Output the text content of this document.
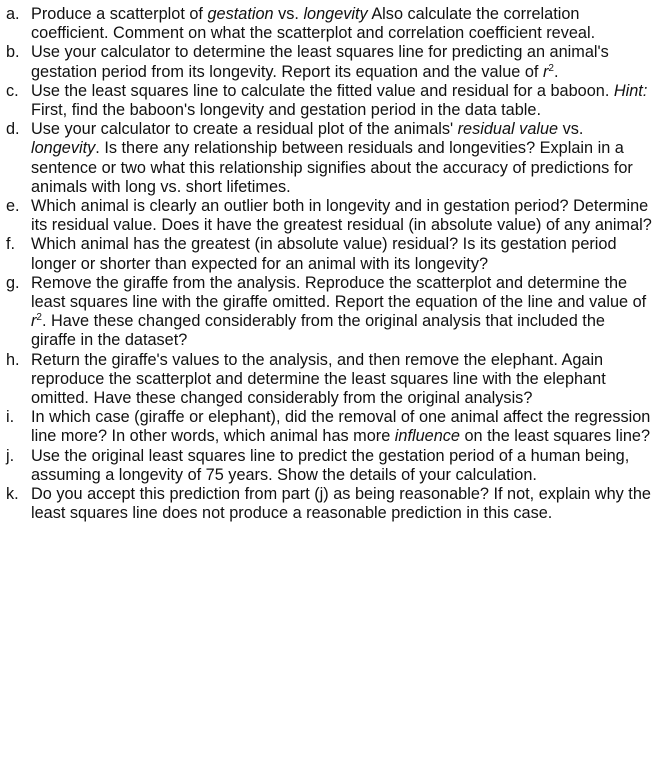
a. Produce a scatterplot of gestation vs. longevity Also calculate the correlation coefficient. Comment on what the scatterplot and correlation coefficient reveal.
b. Use your calculator to determine the least squares line for predicting an animal's gestation period from its longevity. Report its equation and the value of $r^2$.
c. Use the least squares line to calculate the fitted value and residual for a baboon. Hint: First, find the baboon's longevity and gestation period in the data table.
d. Use your calculator to create a residual plot of the animals' residual value vs. longevity. Is there any relationship between residuals and longevities? Explain in a sentence or two what this relationship signifies about the accuracy of predictions for animals with long vs. short lifetimes.
e. Which animal is clearly an outlier both in longevity and in gestation period? Determine its residual value. Does it have the greatest residual (in absolute value) of any animal?
f. Which animal has the greatest (in absolute value) residual? Is its gestation period longer or shorter than expected for an animal with its longevity?
g. Remove the giraffe from the analysis. Reproduce the scatterplot and determine the least squares line with the giraffe omitted. Report the equation of the line and value of $r^2$. Have these changed considerably from the original analysis that included the giraffe in the dataset?
h. Return the giraffe's values to the analysis, and then remove the elephant. Again reproduce the scatterplot and determine the least squares line with the elephant omitted. Have these changed considerably from the original analysis?
i.	In which case (giraffe or elephant), did the removal of one animal affect the regression line more? In other words, which animal has more influence on the least squares line?
j.	Use the original least squares line to predict the gestation period of a human being, assuming a longevity of 75 years. Show the details of your calculation.
k. Do you accept this prediction from part (j) as being reasonable? If not, explain why the least squares line does not produce a reasonable prediction in this case.
